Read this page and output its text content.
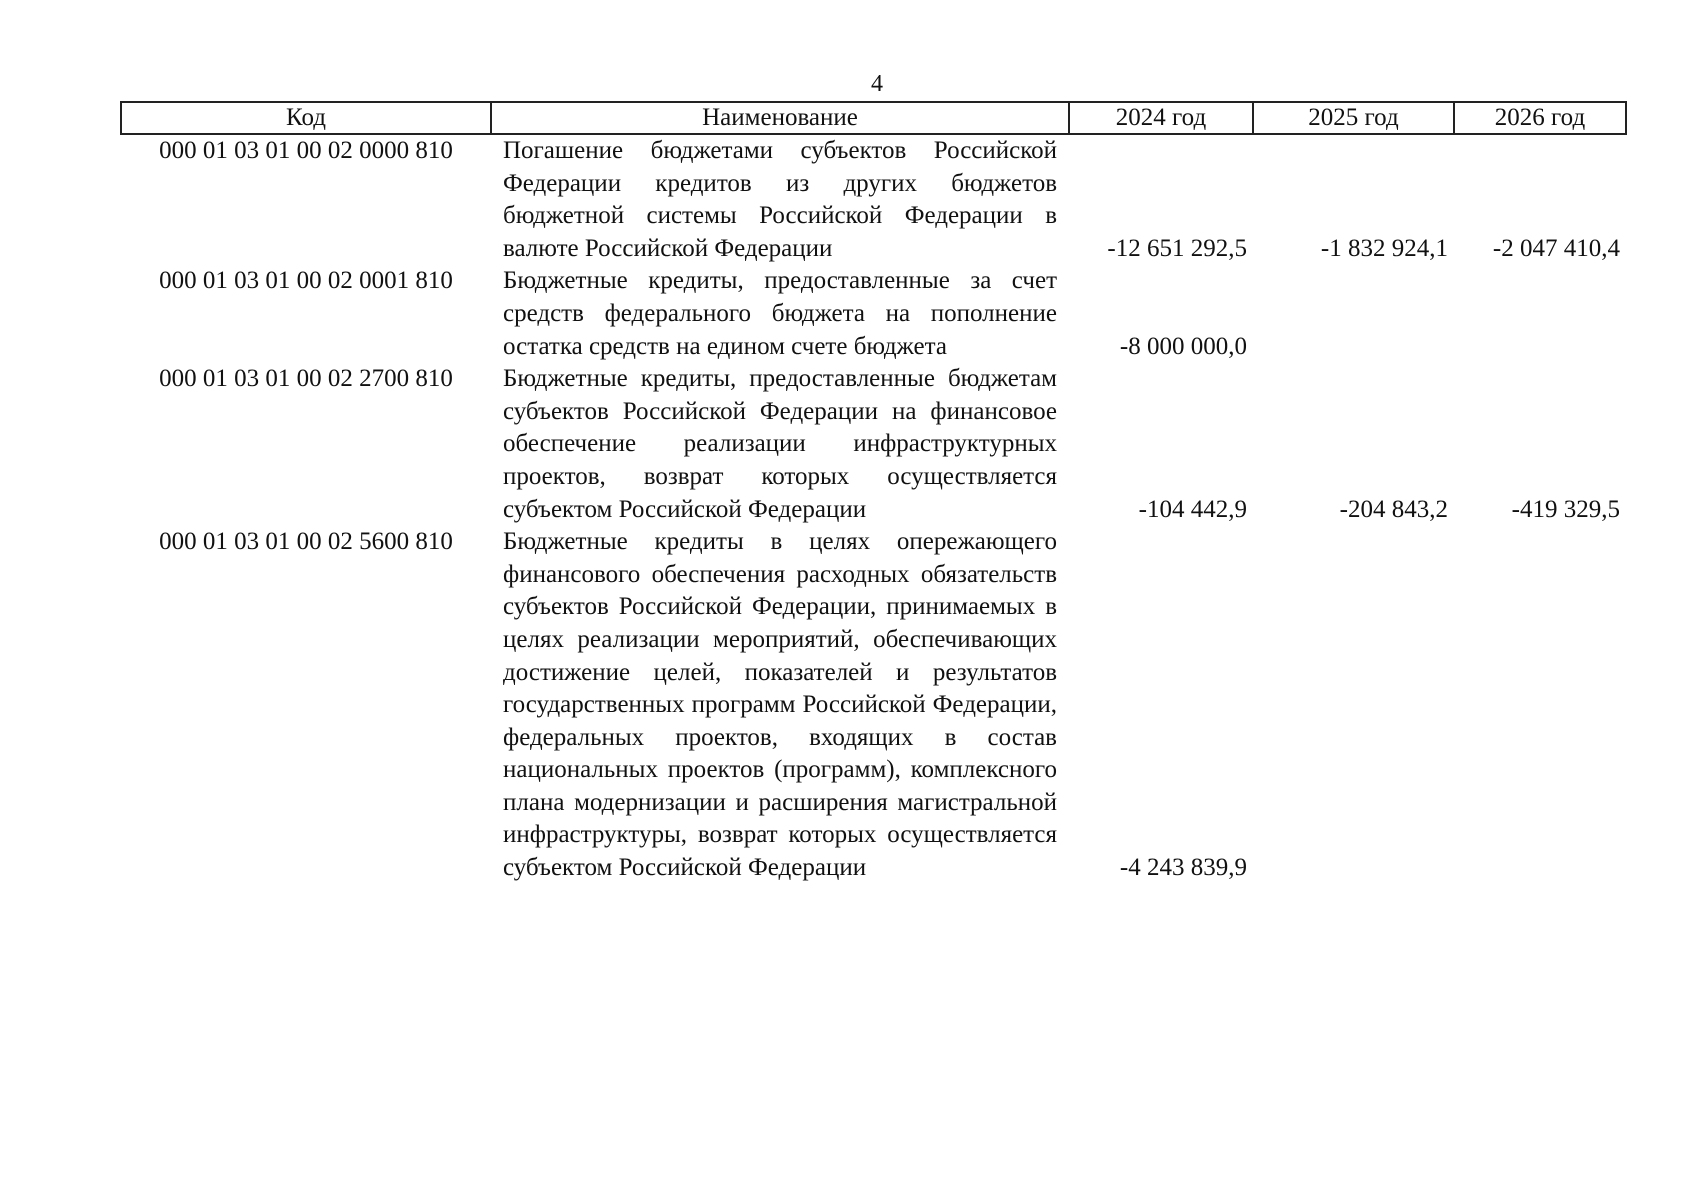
4
Код	Наименование	2024 год	2025 год	2026 год
000 01 03 01 00 02 0000 810	Погашение бюджетами субъектов Российской Федерации кредитов из других бюджетов бюджетной системы Российской Федерации в валюте Российской Федерации	-12 651 292,5	-1 832 924,1	-2 047 410,4
000 01 03 01 00 02 0001 810	Бюджетные кредиты, предоставленные за счет средств федерального бюджета на пополнение остатка средств на едином счете бюджета	-8 000 000,0		
000 01 03 01 00 02 2700 810	Бюджетные кредиты, предоставленные бюджетам субъектов Российской Федерации на финансовое обеспечение реализации инфраструктурных проектов, возврат которых осуществляется субъектом Российской Федерации	-104 442,9	-204 843,2	-419 329,5
000 01 03 01 00 02 5600 810	Бюджетные кредиты в целях опережающего финансового обеспечения расходных обязательств субъектов Российской Федерации, принимаемых в целях реализации мероприятий, обеспечивающих достижение целей, показателей и результатов государственных программ Российской Федерации, федеральных проектов, входящих в состав национальных проектов (программ), комплексного плана модернизации и расширения магистральной инфраструктуры, возврат которых осуществляется субъектом Российской Федерации	-4 243 839,9		
